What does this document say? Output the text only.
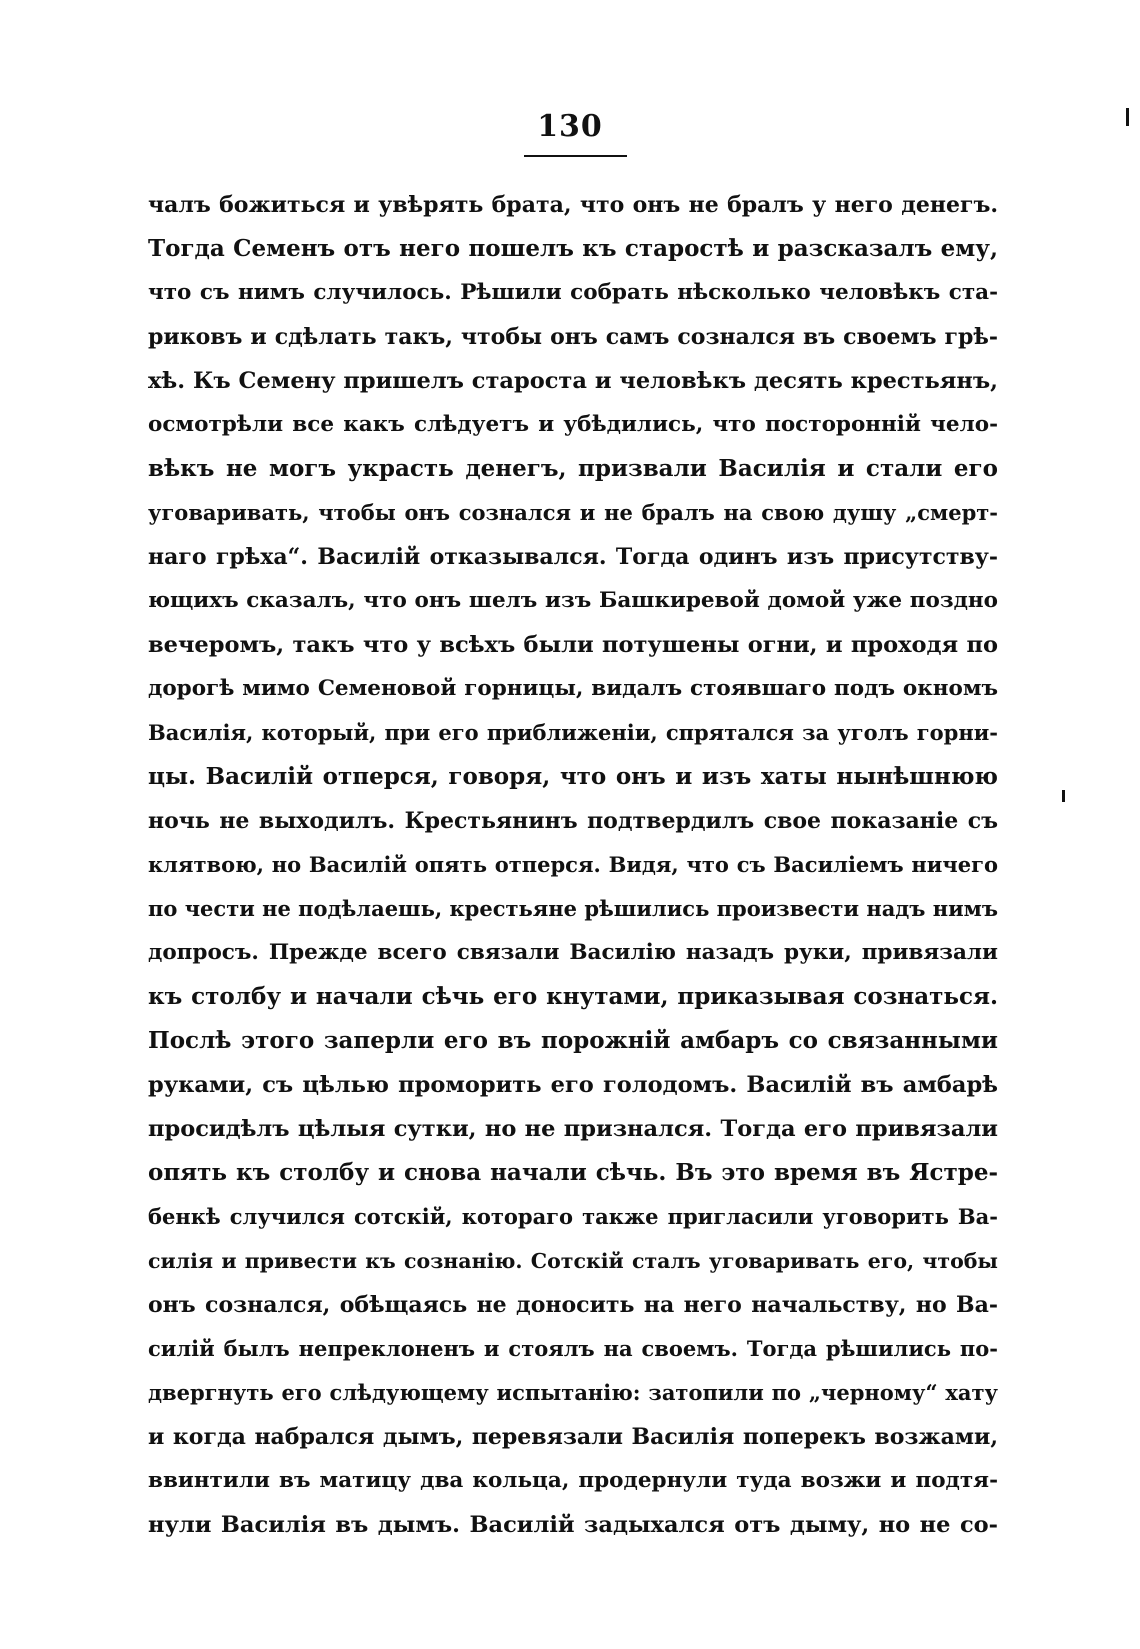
130
чалъ божиться и увѣрять брата, что онъ не бралъ у него денегъ.
Тогда Семенъ отъ него пошелъ къ старостѣ и разсказалъ ему,
что съ нимъ случилось. Рѣшили собрать нѣсколько человѣкъ ста-
риковъ и сдѣлать такъ, чтобы онъ самъ сознался въ своемъ грѣ-
хѣ. Къ Семену пришелъ староста и человѣкъ десять крестьянъ,
осмотрѣли все какъ слѣдуетъ и убѣдились, что посторонній чело-
вѣкъ не могъ украсть денегъ, призвали Василія и стали его
уговаривать, чтобы онъ сознался и не бралъ на свою душу „смерт-
наго грѣха“. Василій отказывался. Тогда одинъ изъ присутству-
ющихъ сказалъ, что онъ шелъ изъ Башкиревой домой уже поздно
вечеромъ, такъ что у всѣхъ были потушены огни, и проходя по
дорогѣ мимо Семеновой горницы, видалъ стоявшаго подъ окномъ
Василія, который, при его приближеніи, спрятался за уголъ горни-
цы. Василій отперся, говоря, что онъ и изъ хаты нынѣшнюю
ночь не выходилъ. Крестьянинъ подтвердилъ свое показаніе съ
клятвою, но Василій опять отперся. Видя, что съ Василіемъ ничего
по чести не подѣлаешь, крестьяне рѣшились произвести надъ нимъ
допросъ. Прежде всего связали Василію назадъ руки, привязали
къ столбу и начали сѣчь его кнутами, приказывая сознаться.
Послѣ этого заперли его въ порожній амбаръ со связанными
руками, съ цѣлью проморить его голодомъ. Василій въ амбарѣ
просидѣлъ цѣлыя сутки, но не признался. Тогда его привязали
опять къ столбу и снова начали сѣчь. Въ это время въ Ястре-
бенкѣ случился сотскій, котораго также пригласили уговорить Ва-
силія и привести къ сознанію. Сотскій сталъ уговаривать его, чтобы
онъ сознался, обѣщаясь не доносить на него начальству, но Ва-
силій былъ непреклоненъ и стоялъ на своемъ. Тогда рѣшились по-
двергнуть его слѣдующему испытанію: затопили по „черному“ хату
и когда набрался дымъ, перевязали Василія поперекъ возжами,
ввинтили въ матицу два кольца, продернули туда возжи и подтя-
нули Василія въ дымъ. Василій задыхался отъ дыму, но не со-
